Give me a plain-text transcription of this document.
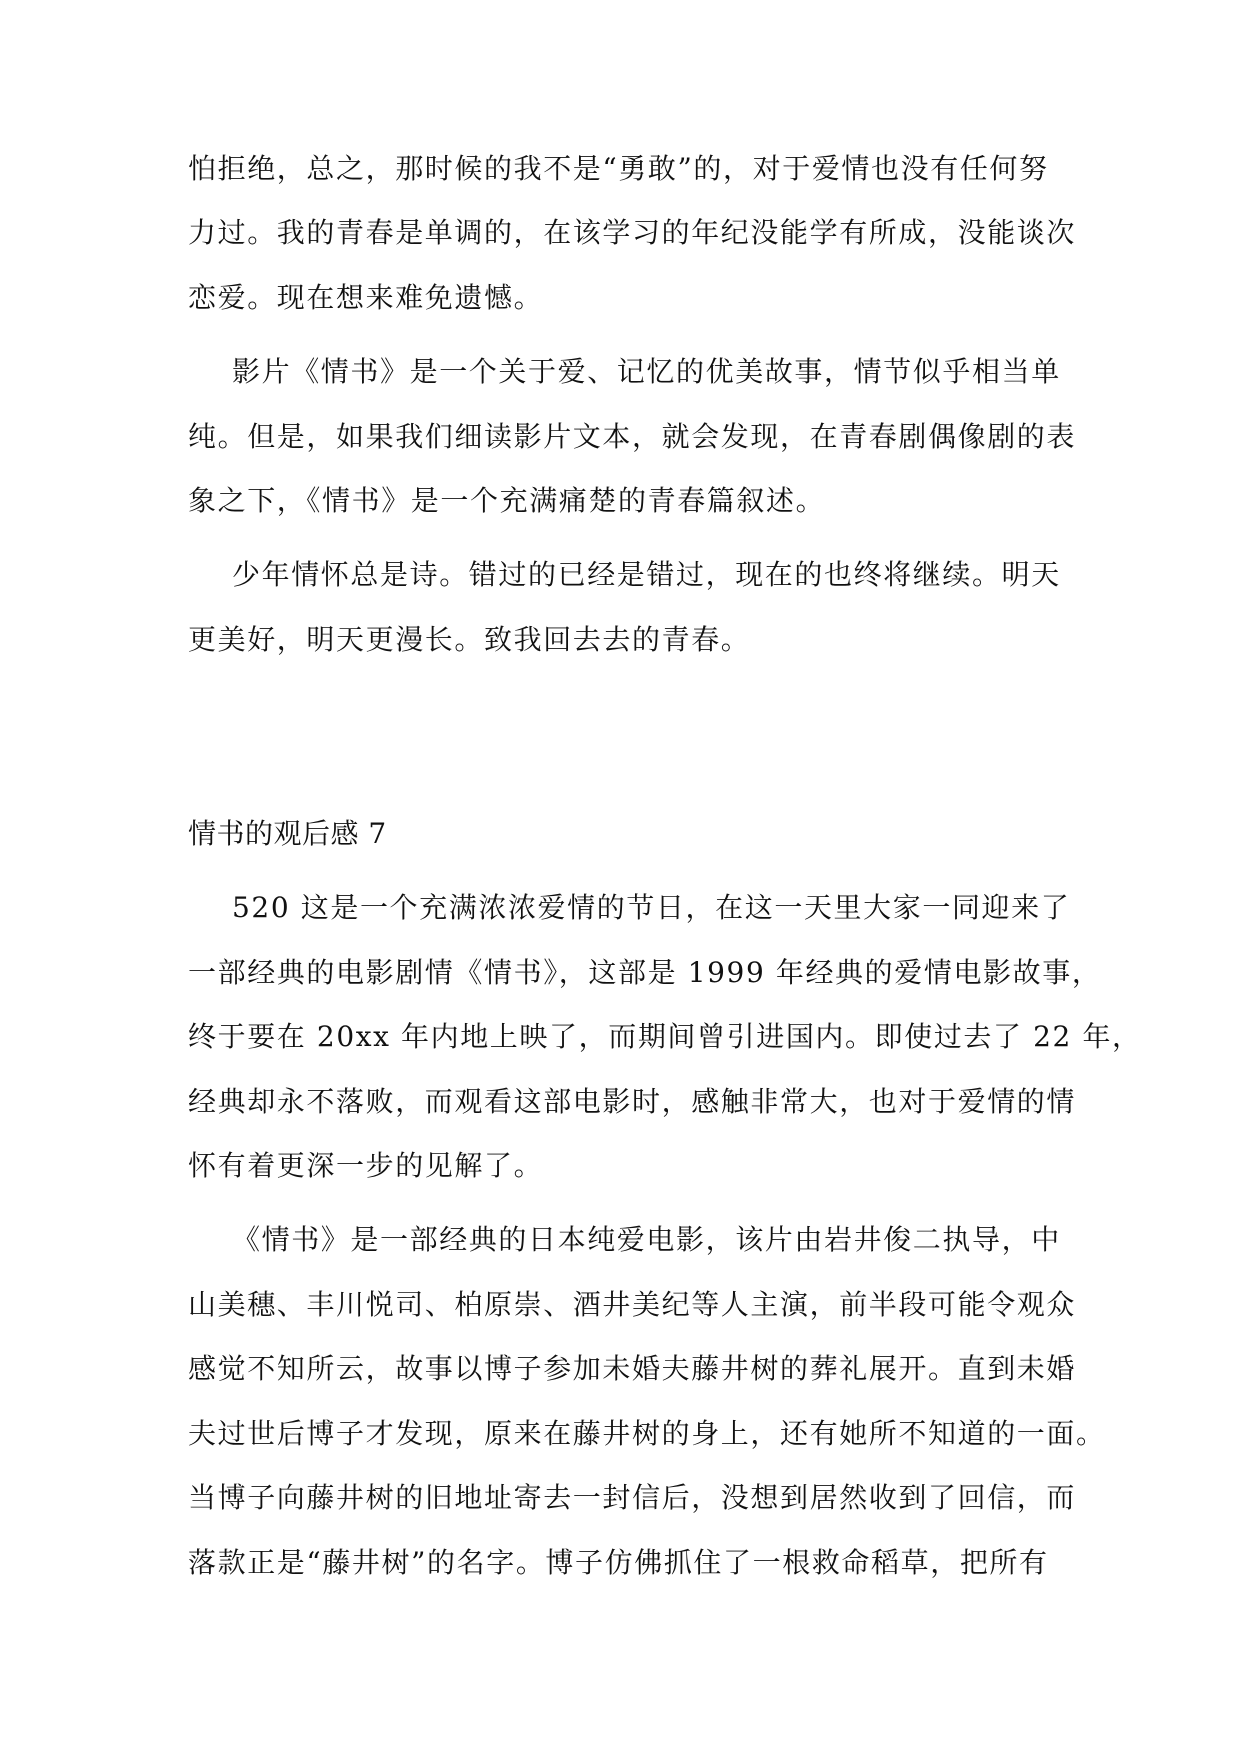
怕拒绝，总之，那时候的我不是“勇敢”的，对于爱情也没有任何努

力过。我的青春是单调的，在该学习的年纪没能学有所成，没能谈次

恋爱。现在想来难免遗憾。

影片《情书》是一个关于爱、记忆的优美故事，情节似乎相当单

纯。但是，如果我们细读影片文本，就会发现，在青春剧偶像剧的表

象之下，《情书》是一个充满痛楚的青春篇叙述。

少年情怀总是诗。错过的已经是错过，现在的也终将继续。明天

更美好，明天更漫长。致我回去去的青春。

情书的观后感 7

520 这是一个充满浓浓爱情的节日，在这一天里大家一同迎来了

一部经典的电影剧情《情书》，这部是 1999 年经典的爱情电影故事，

终于要在 20xx 年内地上映了，而期间曾引进国内。即使过去了 22 年，

经典却永不落败，而观看这部电影时，感触非常大，也对于爱情的情

怀有着更深一步的见解了。

《情书》是一部经典的日本纯爱电影，该片由岩井俊二执导，中

山美穗、丰川悦司、柏原崇、酒井美纪等人主演，前半段可能令观众

感觉不知所云，故事以博子参加未婚夫藤井树的葬礼展开。直到未婚

夫过世后博子才发现，原来在藤井树的身上，还有她所不知道的一面。

当博子向藤井树的旧地址寄去一封信后，没想到居然收到了回信，而

落款正是“藤井树”的名字。博子仿佛抓住了一根救命稻草，把所有
